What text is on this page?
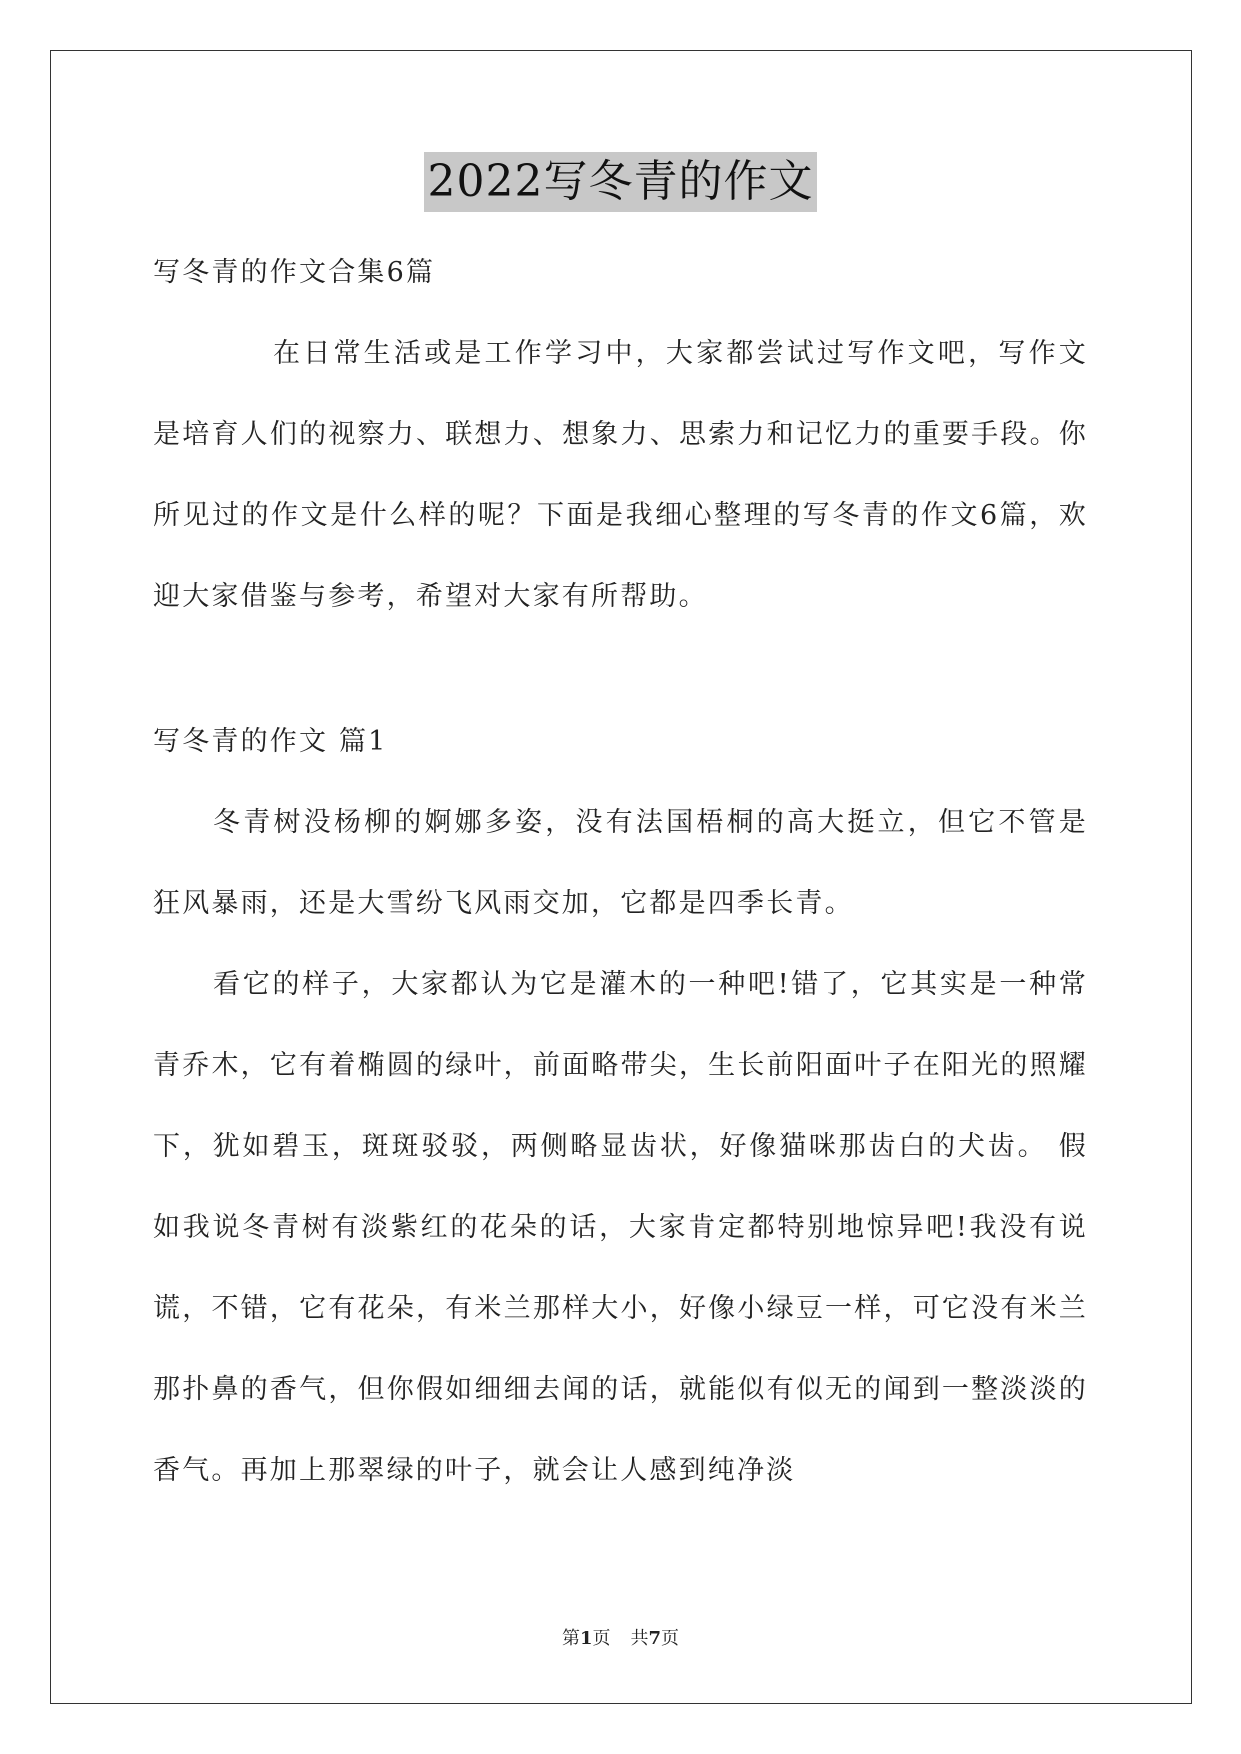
2022写冬青的作文

写冬青的作文合集6篇

在日常生活或是工作学习中，大家都尝试过写作文吧，写作文是培育人们的视察力、联想力、想象力、思索力和记忆力的重要手段。你所见过的作文是什么样的呢？下面是我细心整理的写冬青的作文6篇，欢迎大家借鉴与参考，希望对大家有所帮助。

写冬青的作文 篇1

冬青树没杨柳的婀娜多姿，没有法国梧桐的高大挺立，但它不管是狂风暴雨，还是大雪纷飞风雨交加，它都是四季长青。

看它的样子，大家都认为它是灌木的一种吧!错了，它其实是一种常青乔木，它有着椭圆的绿叶，前面略带尖，生长前阳面叶子在阳光的照耀下，犹如碧玉，斑斑驳驳，两侧略显齿状，好像猫咪那齿白的犬齿。 假如我说冬青树有淡紫红的花朵的话，大家肯定都特别地惊异吧!我没有说谎，不错，它有花朵，有米兰那样大小，好像小绿豆一样，可它没有米兰那扑鼻的香气，但你假如细细去闻的话，就能似有似无的闻到一整淡淡的香气。再加上那翠绿的叶子，就会让人感到纯净淡

第1页 共7页
